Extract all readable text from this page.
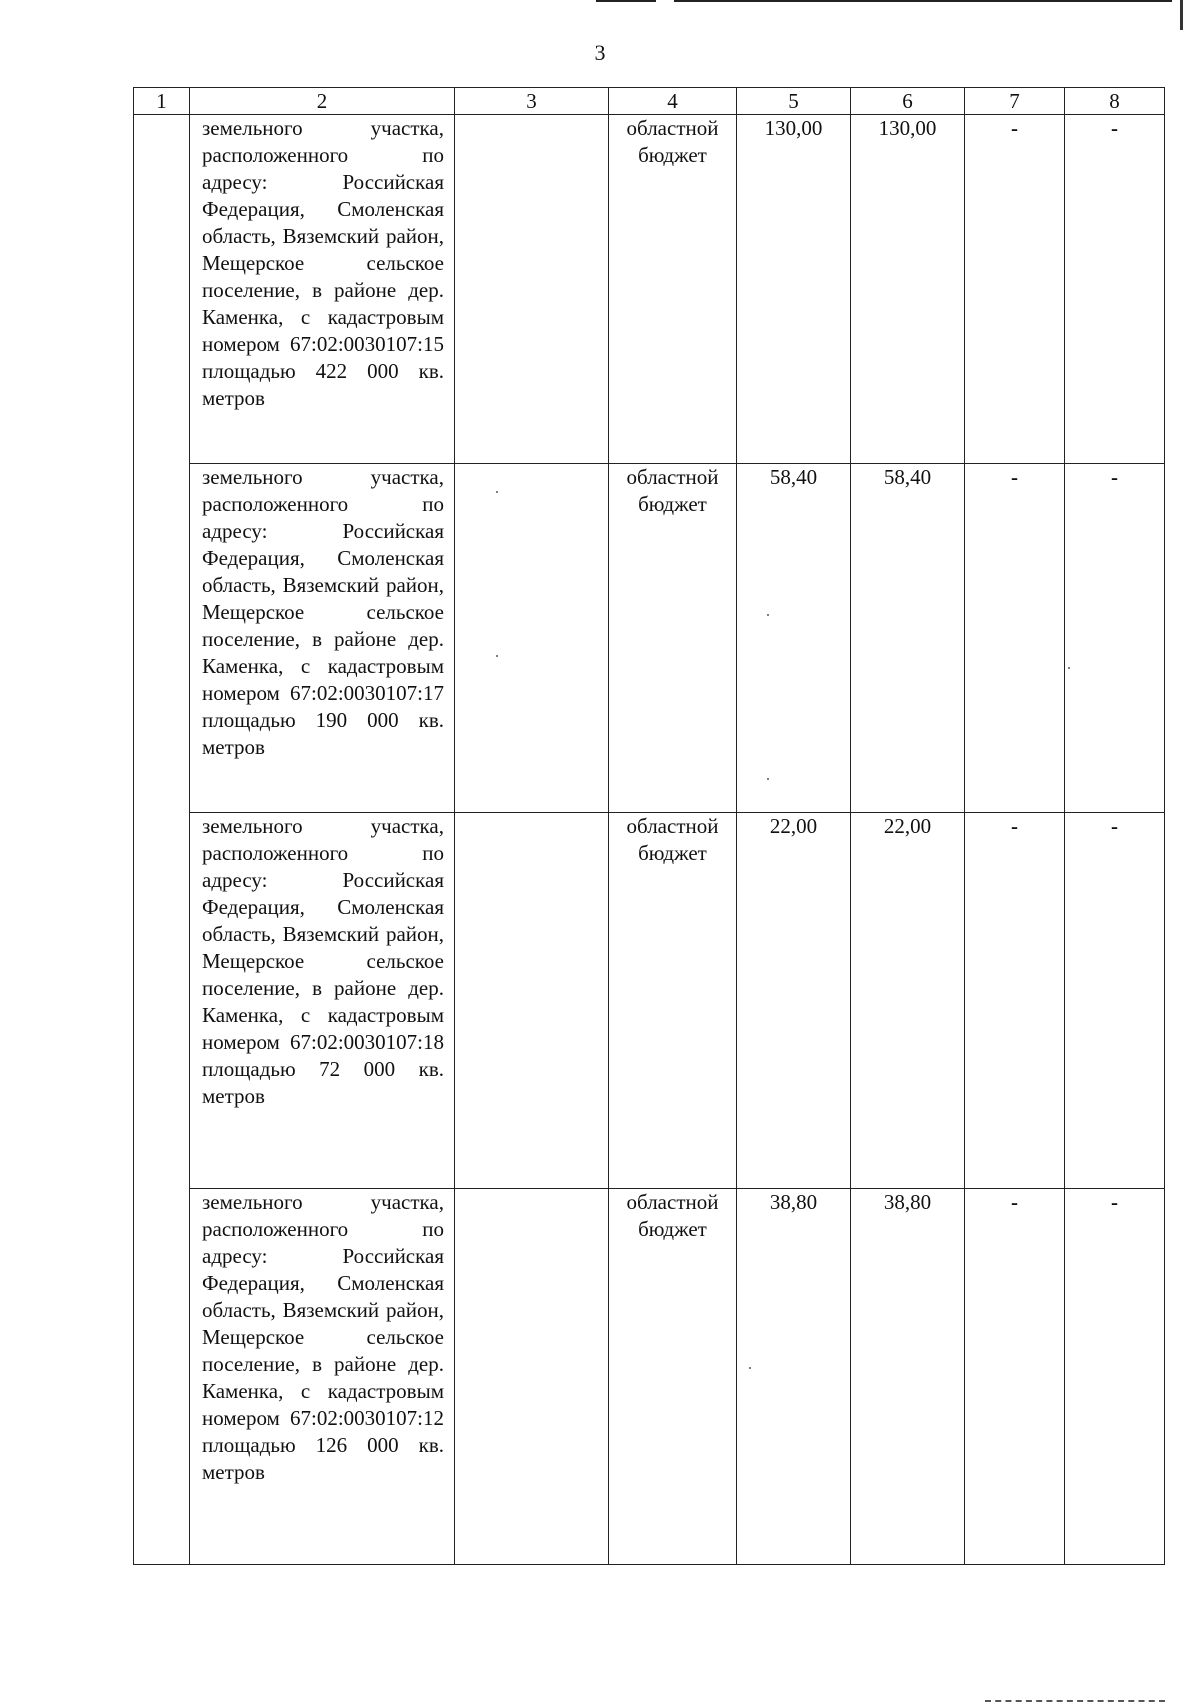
3
1	2	3	4	5	6	7	8

	земельного участка, расположенного по адресу: Российская Федерация, Смоленская область, Вяземский район, Мещерское сельское поселение, в районе дер. Каменка, с кадастровым номером 67:02:0030107:15 площадью 422 000 кв. метров		областной бюджет	130,00	130,00	-	-

	земельного участка, расположенного по адресу: Российская Федерация, Смоленская область, Вяземский район, Мещерское сельское поселение, в районе дер. Каменка, с кадастровым номером 67:02:0030107:17 площадью 190 000 кв. метров		областной бюджет	58,40	58,40	-	-

	земельного участка, расположенного по адресу: Российская Федерация, Смоленская область, Вяземский район, Мещерское сельское поселение, в районе дер. Каменка, с кадастровым номером 67:02:0030107:18 площадью 72 000 кв. метров		областной бюджет	22,00	22,00	-	-

	земельного участка, расположенного по адресу: Российская Федерация, Смоленская область, Вяземский район, Мещерское сельское поселение, в районе дер. Каменка, с кадастровым номером 67:02:0030107:12 площадью 126 000 кв. метров		областной бюджет	38,80	38,80	-	-
